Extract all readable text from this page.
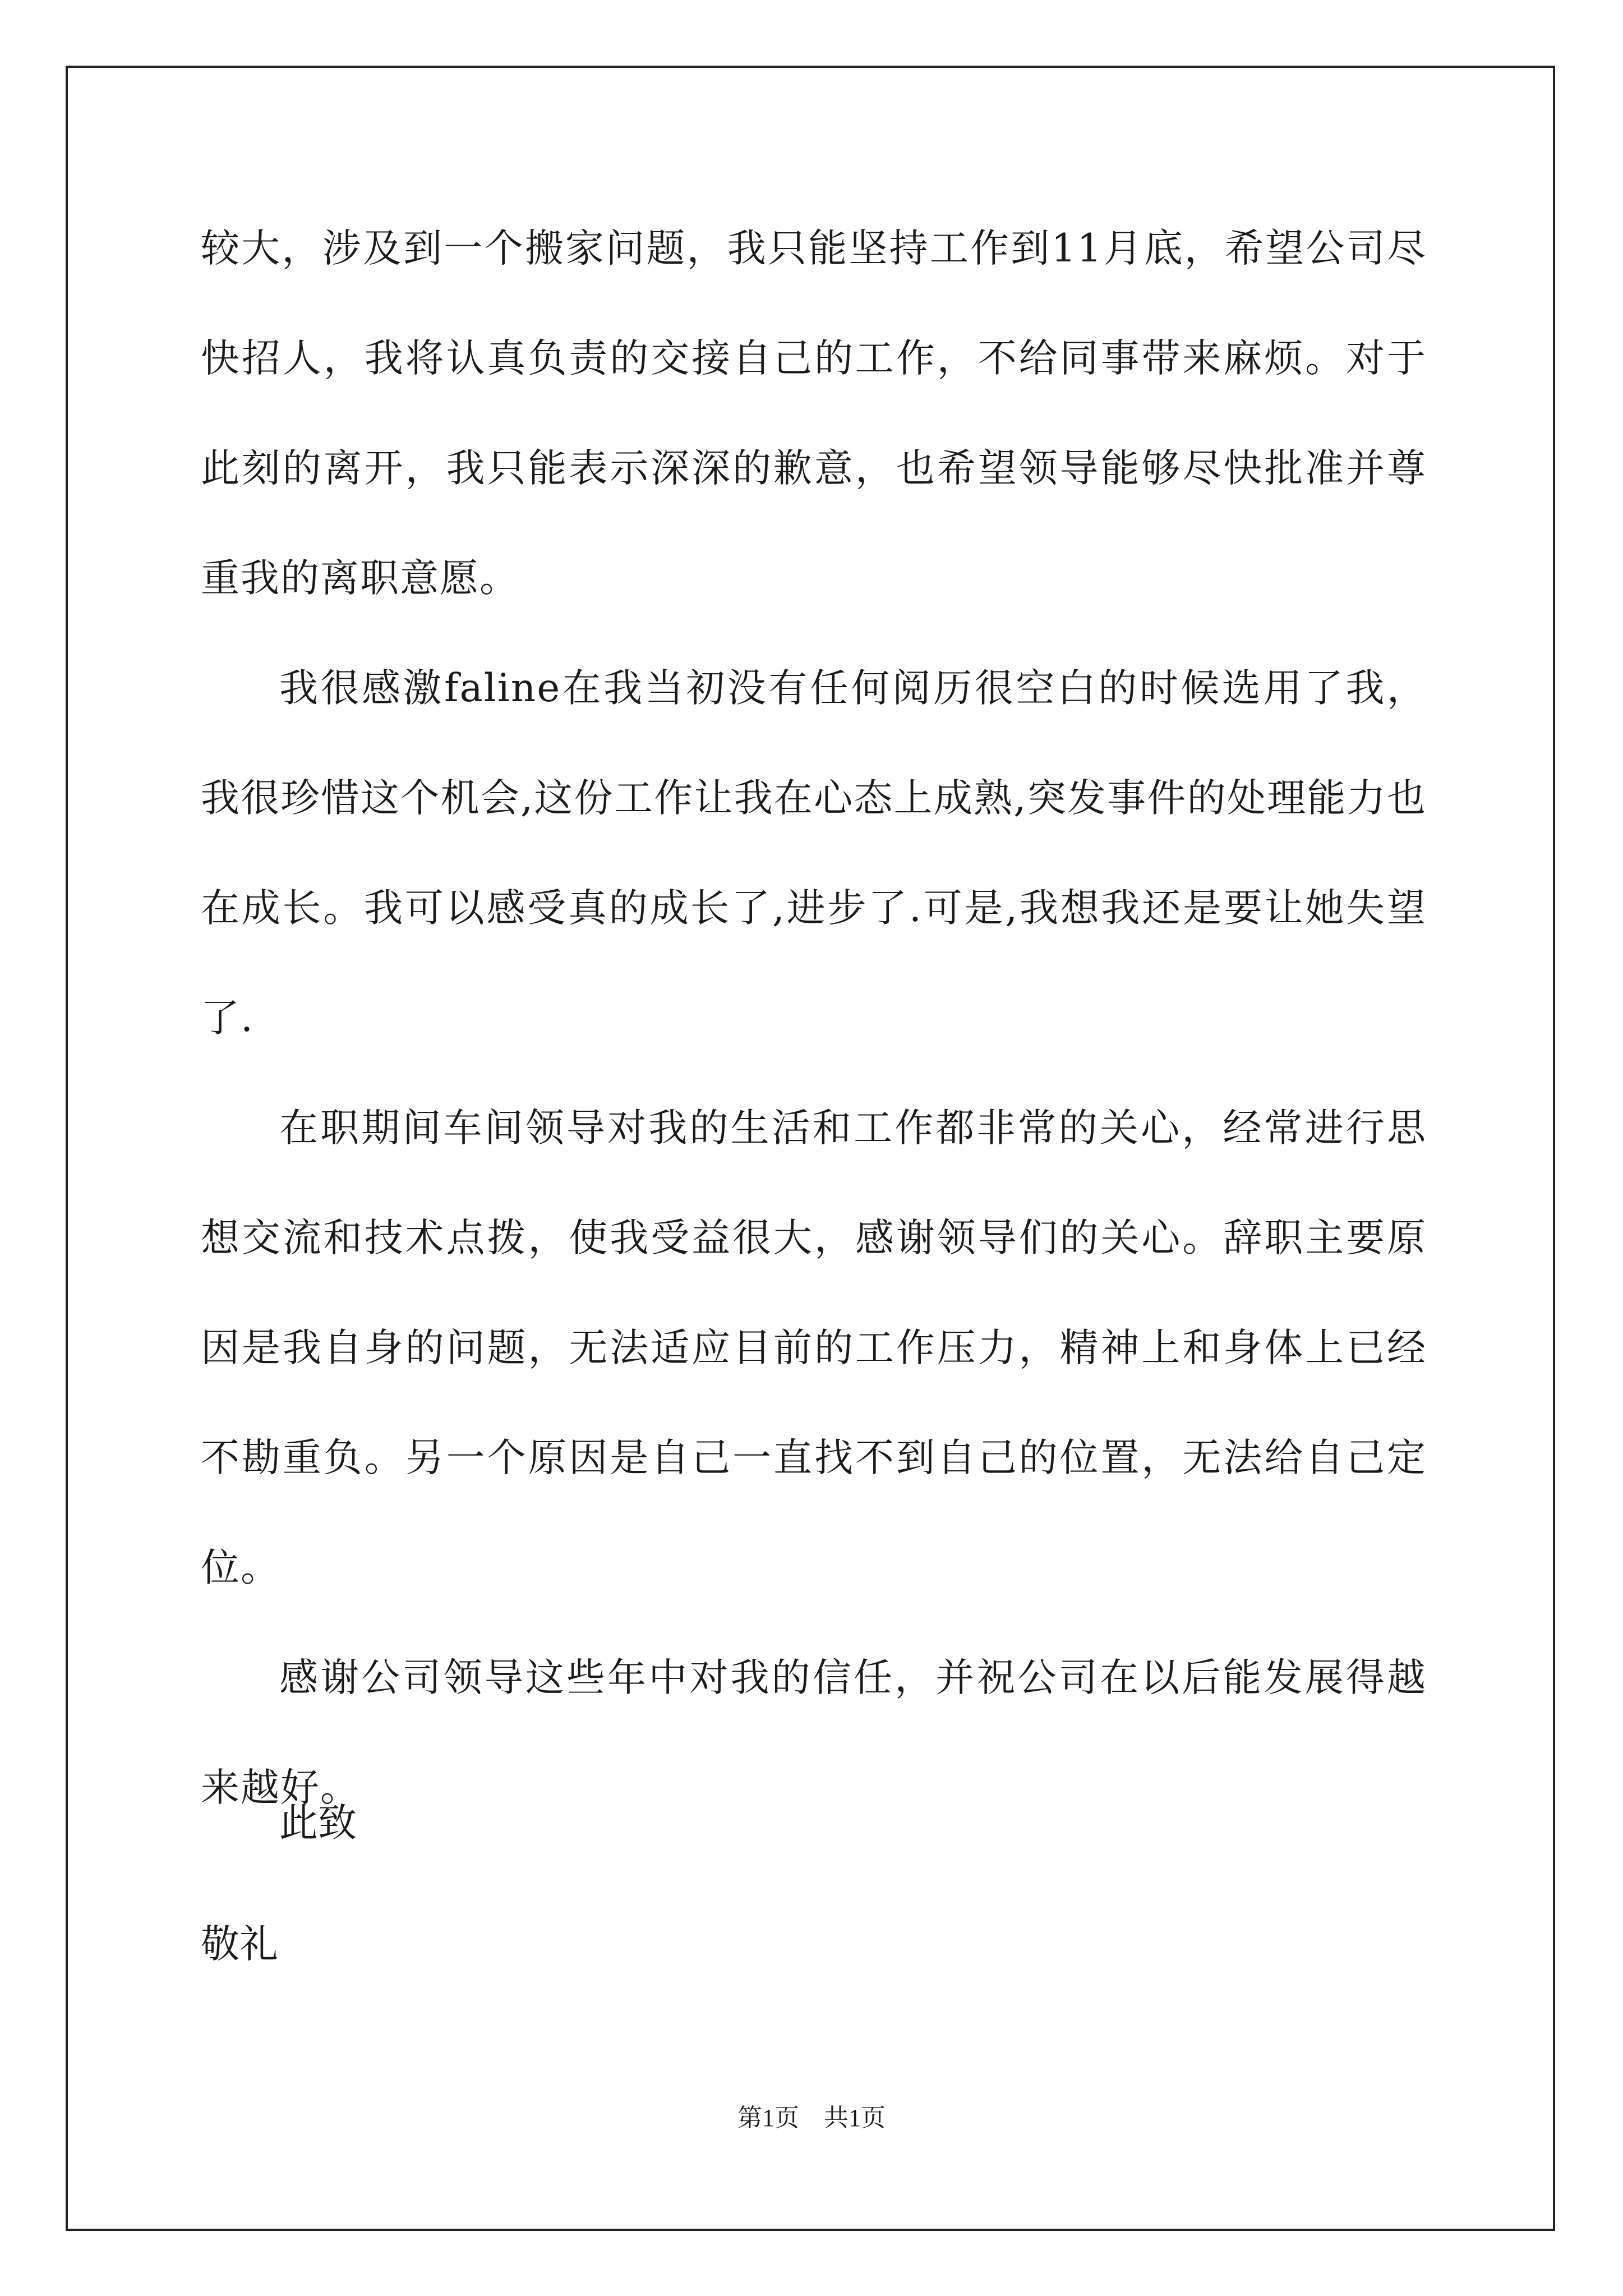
较大，涉及到一个搬家问题，我只能坚持工作到11月底，希望公司尽快招人，我将认真负责的交接自己的工作，不给同事带来麻烦。对于此刻的离开，我只能表示深深的歉意，也希望领导能够尽快批准并尊重我的离职意愿。

我很感激faline在我当初没有任何阅历很空白的时候选用了我，我很珍惜这个机会,这份工作让我在心态上成熟,突发事件的处理能力也在成长。我可以感受真的成长了,进步了.可是,我想我还是要让她失望了.

在职期间车间领导对我的生活和工作都非常的关心，经常进行思想交流和技术点拨，使我受益很大，感谢领导们的关心。辞职主要原因是我自身的问题，无法适应目前的工作压力，精神上和身体上已经不勘重负。另一个原因是自己一直找不到自己的位置，无法给自己定位。

感谢公司领导这些年中对我的信任，并祝公司在以后能发展得越来越好。

此致

敬礼

第1页　共1页
